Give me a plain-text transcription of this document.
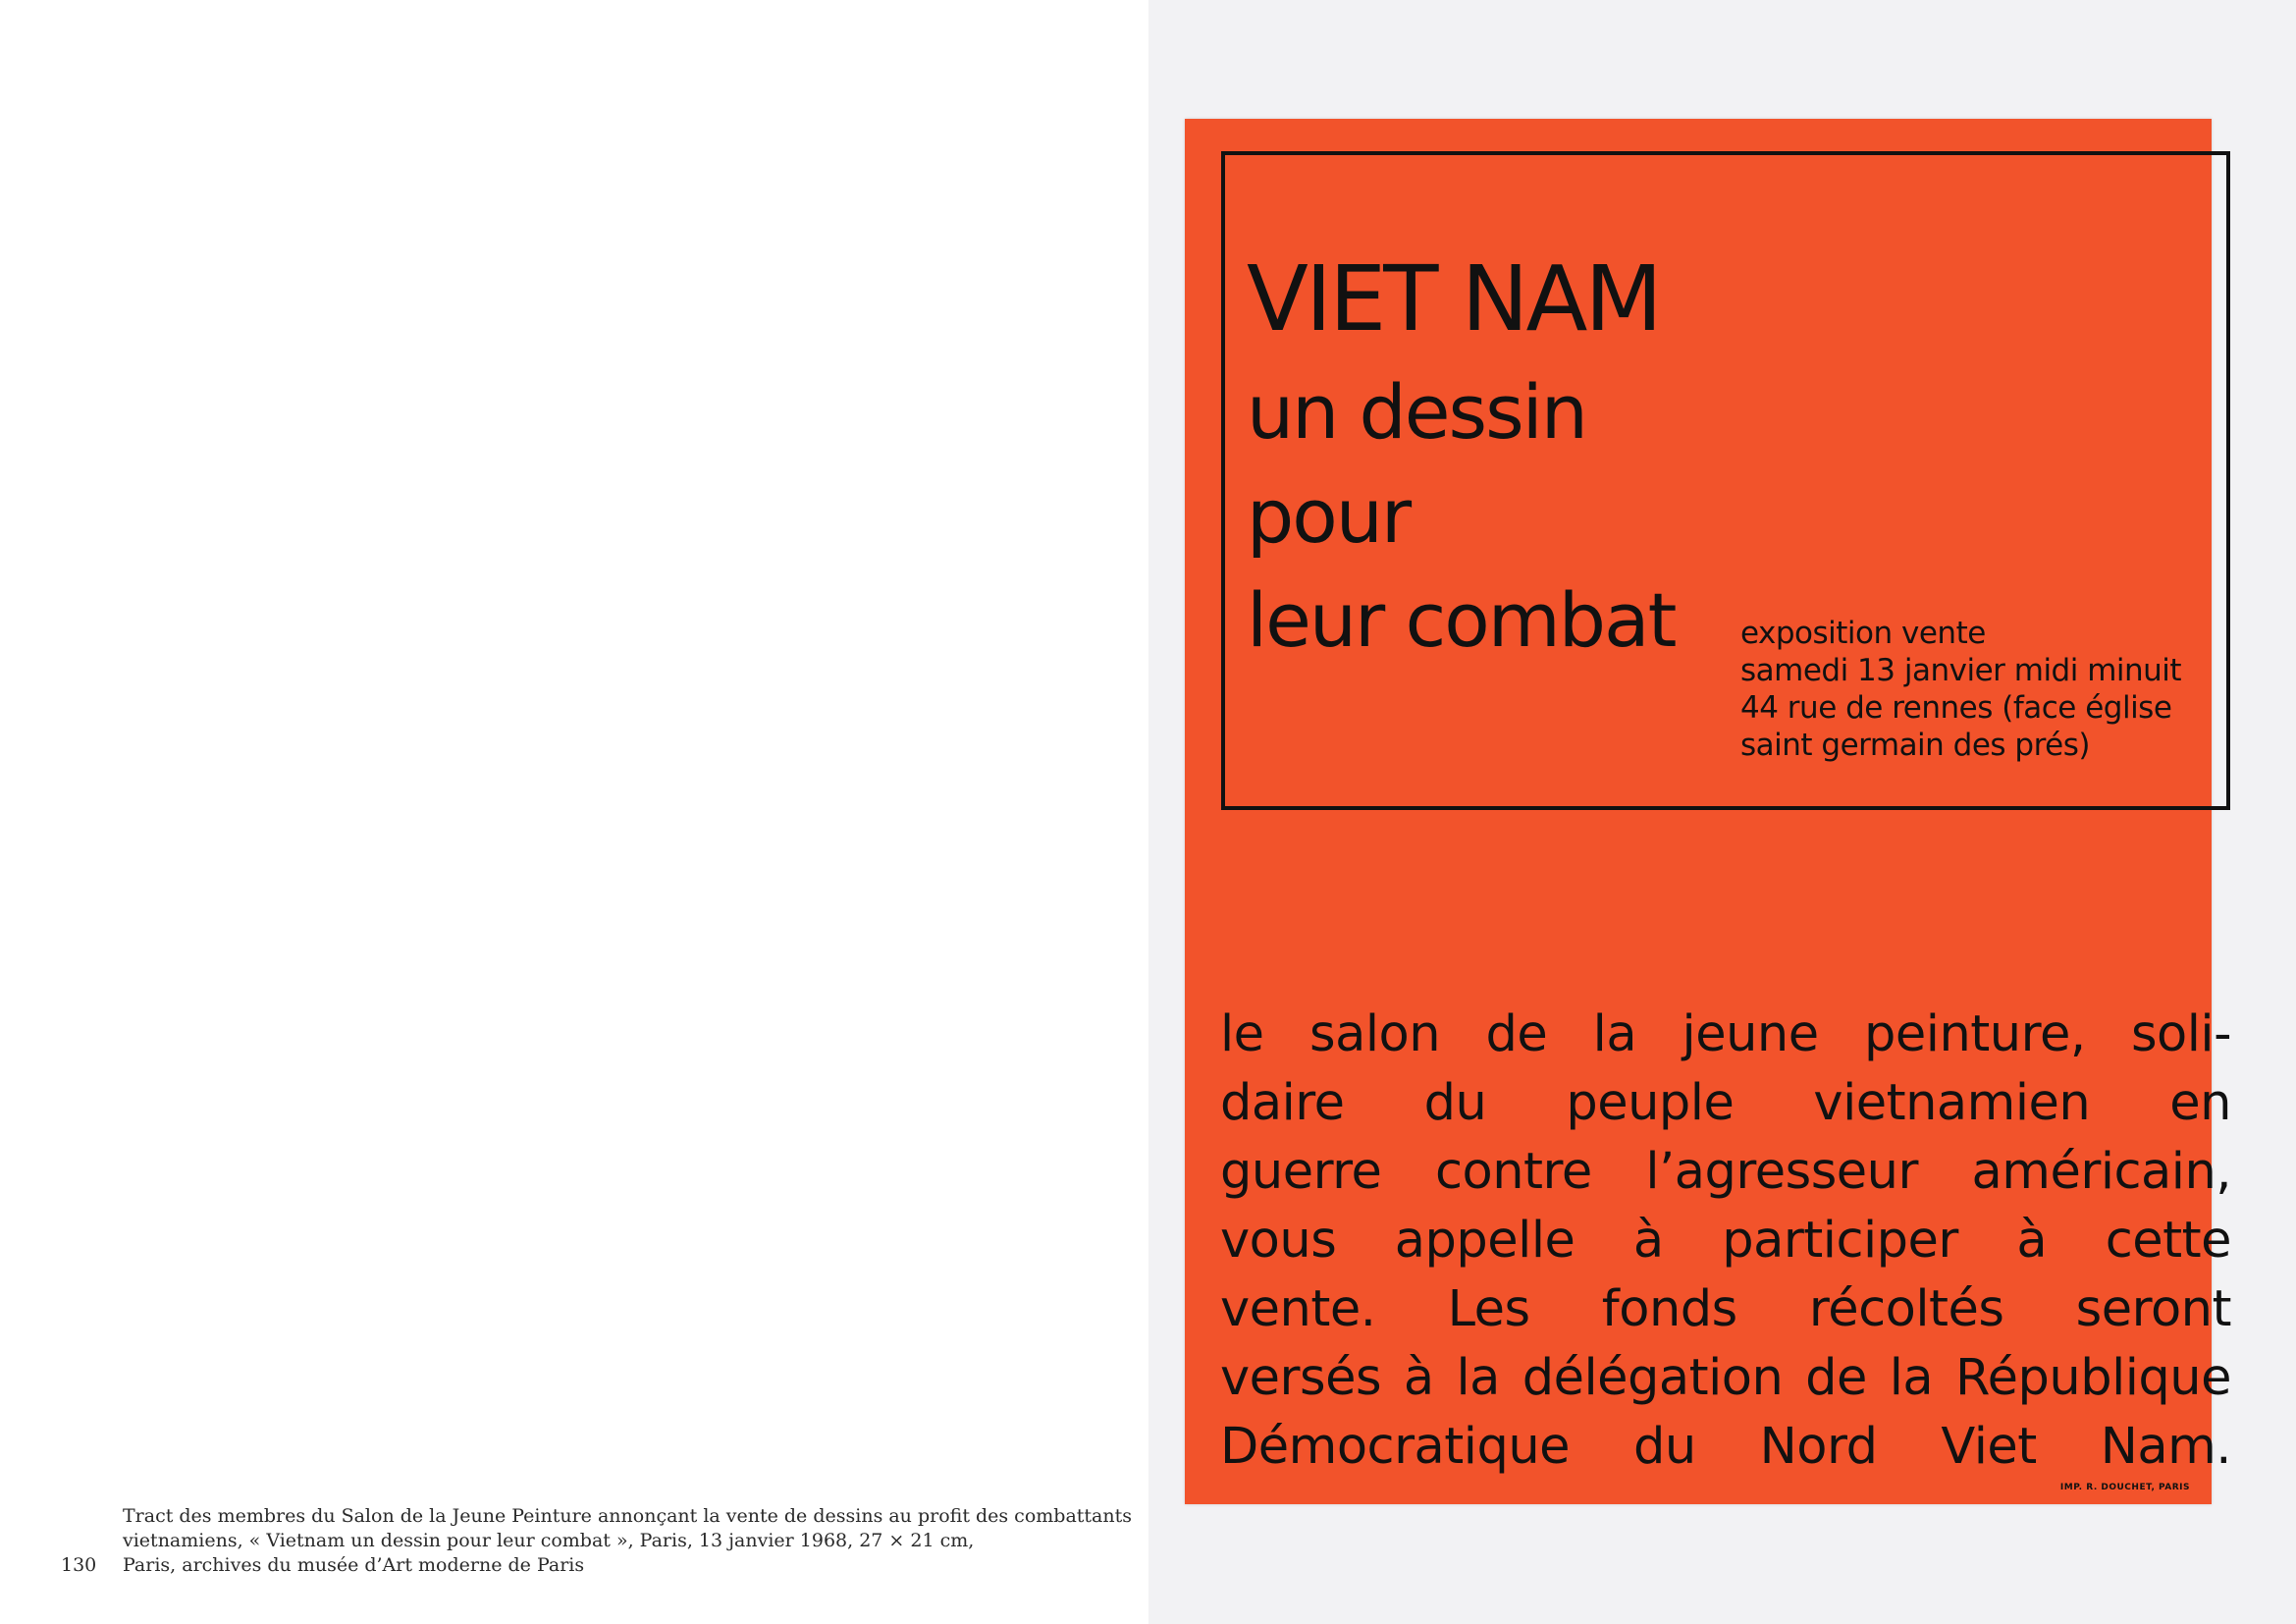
Tract des membres du Salon de la Jeune Peinture annonçant la vente de dessins au profit des combattants
vietnamiens, « Vietnam un dessin pour leur combat », Paris, 13 janvier 1968, 27 × 21 cm,
Paris, archives du musée d’Art moderne de Paris
130
VIET NAM
un dessin
pour
leur combat exposition vente
samedi 13 janvier midi minuit
44 rue de rennes (face église
saint germain des prés)
le salon de la jeune peinture, soli-
daire du peuple vietnamien en
guerre contre l’agresseur américain,
vous appelle à participer à cette
vente. Les fonds récoltés seront
versés à la délégation de la République
Démocratique du Nord Viet Nam.
IMP. R. DOUCHET, PARIS
